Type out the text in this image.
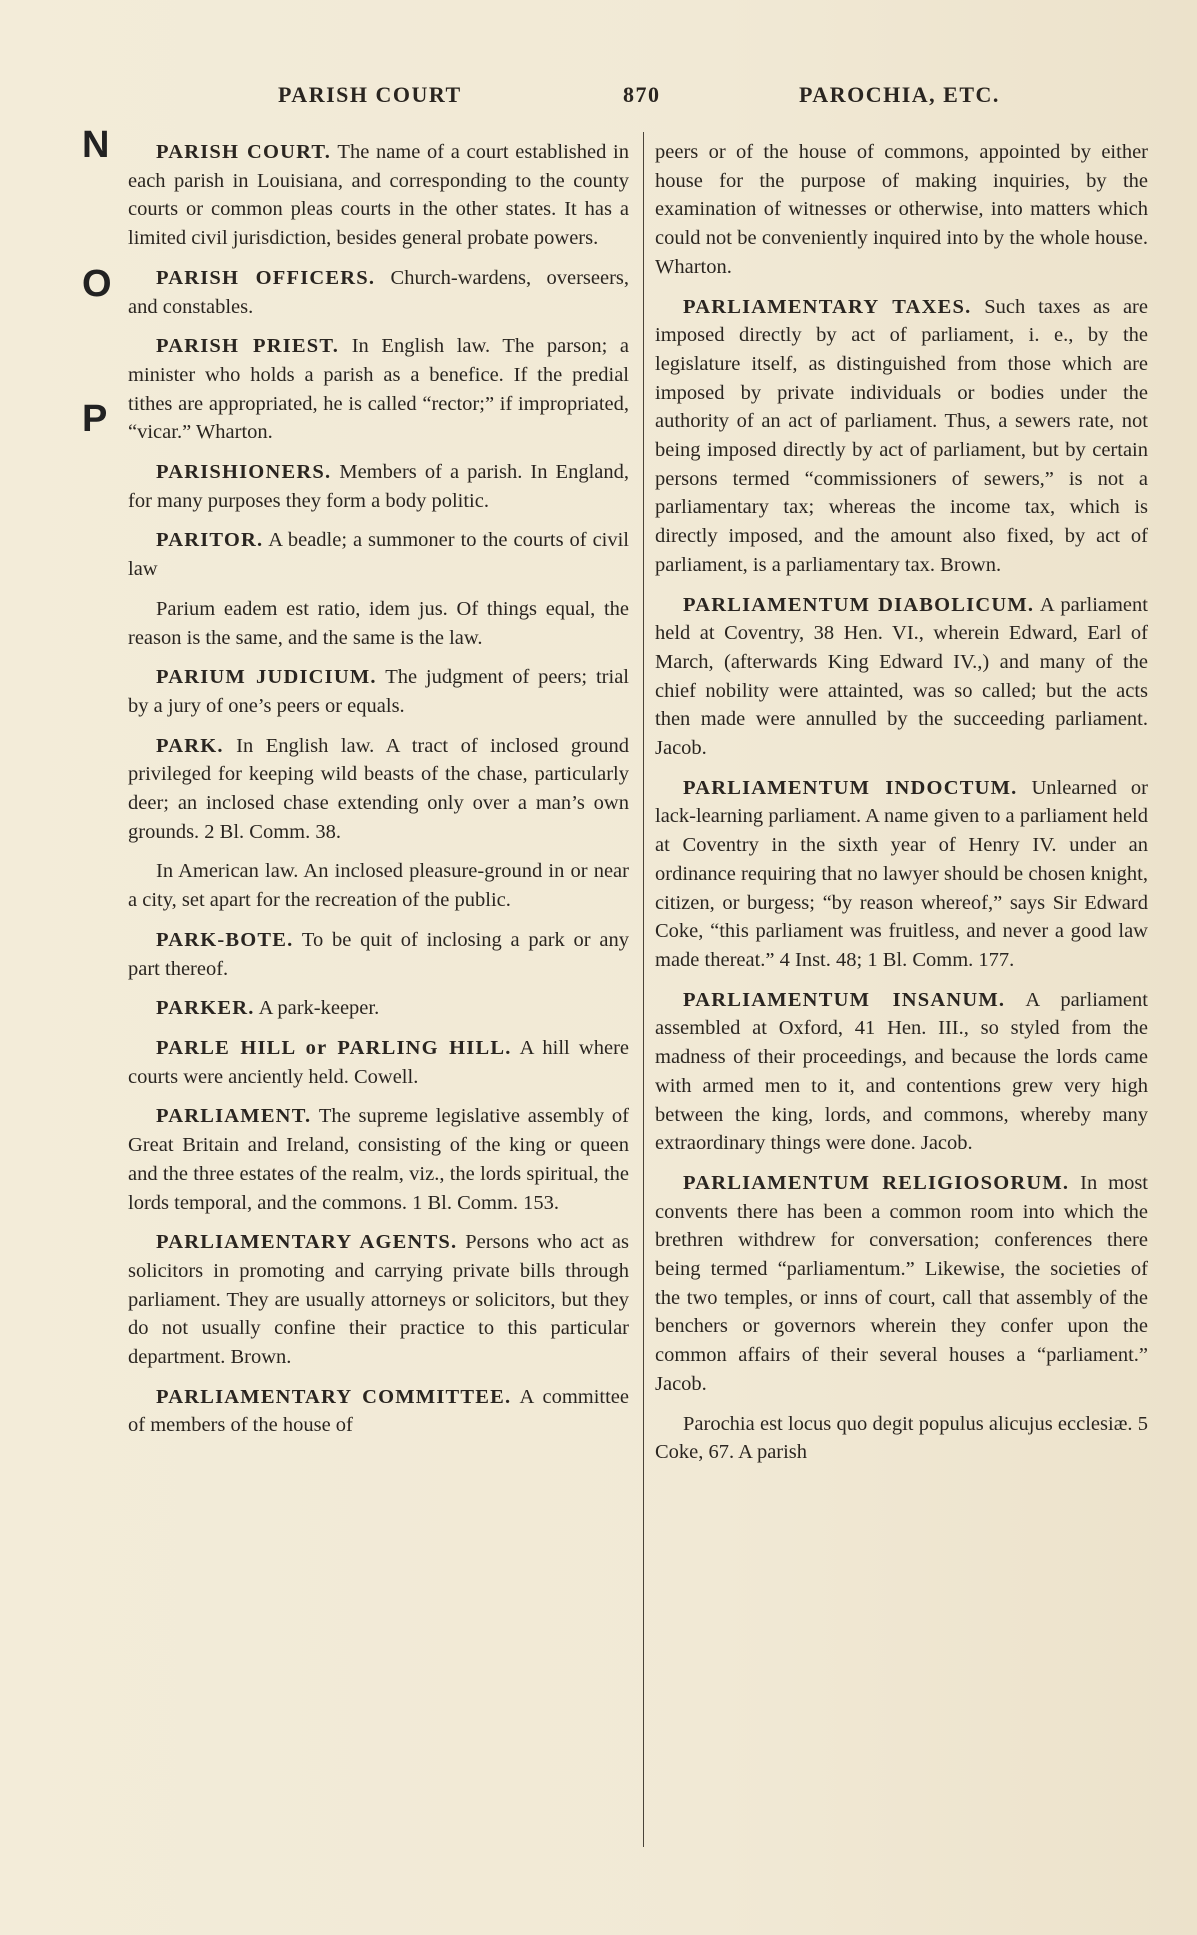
PARISH COURT	870	PAROCHIA, ETC.
N
O
P

PARISH COURT. The name of a court established in each parish in Louisiana, and corresponding to the county courts or common pleas courts in the other states. It has a limited civil jurisdiction, besides general probate powers.

PARISH OFFICERS. Church-wardens, overseers, and constables.

PARISH PRIEST. In English law. The parson; a minister who holds a parish as a benefice. If the predial tithes are appropriated, he is called “rector;” if impropriated, “vicar.” Wharton.

PARISHIONERS. Members of a parish. In England, for many purposes they form a body politic.

PARITOR. A beadle; a summoner to the courts of civil law

Parium eadem est ratio, idem jus. Of things equal, the reason is the same, and the same is the law.

PARIUM JUDICIUM. The judgment of peers; trial by a jury of one’s peers or equals.

PARK. In English law. A tract of inclosed ground privileged for keeping wild beasts of the chase, particularly deer; an inclosed chase extending only over a man’s own grounds. 2 Bl. Comm. 38.

In American law. An inclosed pleasure-ground in or near a city, set apart for the recreation of the public.

PARK-BOTE. To be quit of inclosing a park or any part thereof.

PARKER. A park-keeper.

PARLE HILL or PARLING HILL. A hill where courts were anciently held. Cowell.

PARLIAMENT. The supreme legislative assembly of Great Britain and Ireland, consisting of the king or queen and the three estates of the realm, viz., the lords spiritual, the lords temporal, and the commons. 1 Bl. Comm. 153.

PARLIAMENTARY AGENTS. Persons who act as solicitors in promoting and carrying private bills through parliament. They are usually attorneys or solicitors, but they do not usually confine their practice to this particular department. Brown.

PARLIAMENTARY COMMITTEE. A committee of members of the house of

peers or of the house of commons, appointed by either house for the purpose of making inquiries, by the examination of witnesses or otherwise, into matters which could not be conveniently inquired into by the whole house. Wharton.

PARLIAMENTARY TAXES. Such taxes as are imposed directly by act of parliament, i. e., by the legislature itself, as distinguished from those which are imposed by private individuals or bodies under the authority of an act of parliament. Thus, a sewers rate, not being imposed directly by act of parliament, but by certain persons termed “commissioners of sewers,” is not a parliamentary tax; whereas the income tax, which is directly imposed, and the amount also fixed, by act of parliament, is a parliamentary tax. Brown.

PARLIAMENTUM DIABOLICUM. A parliament held at Coventry, 38 Hen. VI., wherein Edward, Earl of March, (afterwards King Edward IV.,) and many of the chief nobility were attainted, was so called; but the acts then made were annulled by the succeeding parliament. Jacob.

PARLIAMENTUM INDOCTUM. Unlearned or lack-learning parliament. A name given to a parliament held at Coventry in the sixth year of Henry IV. under an ordinance requiring that no lawyer should be chosen knight, citizen, or burgess; “by reason whereof,” says Sir Edward Coke, “this parliament was fruitless, and never a good law made thereat.” 4 Inst. 48; 1 Bl. Comm. 177.

PARLIAMENTUM INSANUM. A parliament assembled at Oxford, 41 Hen. III., so styled from the madness of their proceedings, and because the lords came with armed men to it, and contentions grew very high between the king, lords, and commons, whereby many extraordinary things were done. Jacob.

PARLIAMENTUM RELIGIOSORUM. In most convents there has been a common room into which the brethren withdrew for conversation; conferences there being termed “parliamentum.” Likewise, the societies of the two temples, or inns of court, call that assembly of the benchers or governors wherein they confer upon the common affairs of their several houses a “parliament.” Jacob.

Parochia est locus quo degit populus alicujus ecclesiæ. 5 Coke, 67. A parish
